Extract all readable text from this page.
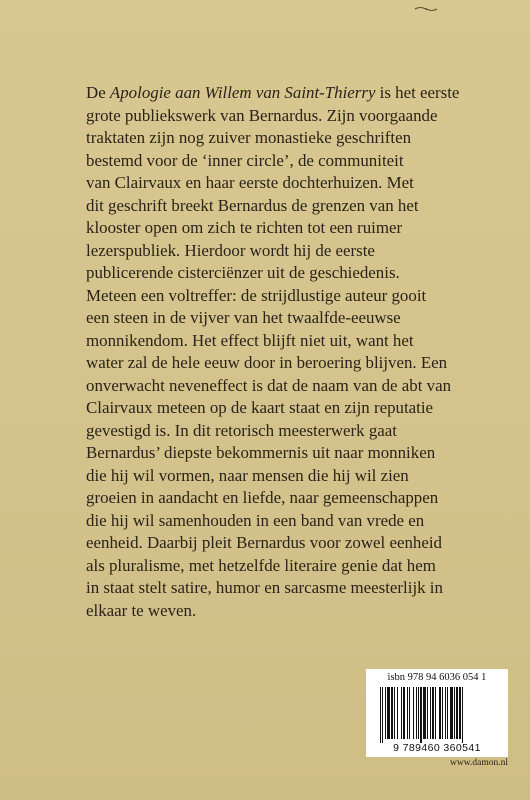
De Apologie aan Willem van Saint-Thierry is het eerste
grote publiekswerk van Bernardus. Zijn voorgaande
traktaten zijn nog zuiver monastieke geschriften
bestemd voor de ‘inner circle’, de communiteit
van Clairvaux en haar eerste dochterhuizen. Met
dit geschrift breekt Bernardus de grenzen van het
klooster open om zich te richten tot een ruimer
lezerspubliek. Hierdoor wordt hij de eerste
publicerende cisterciënzer uit de geschiedenis.
Meteen een voltreffer: de strijdlustige auteur gooit
een steen in de vijver van het twaalfde-eeuwse
monnikendom. Het effect blijft niet uit, want het
water zal de hele eeuw door in beroering blijven. Een
onverwacht neveneffect is dat de naam van de abt van
Clairvaux meteen op de kaart staat en zijn reputatie
gevestigd is. In dit retorisch meesterwerk gaat
Bernardus’ diepste bekommernis uit naar monniken
die hij wil vormen, naar mensen die hij wil zien
groeien in aandacht en liefde, naar gemeenschappen
die hij wil samenhouden in een band van vrede en
eenheid. Daarbij pleit Bernardus voor zowel eenheid
als pluralisme, met hetzelfde literaire genie dat hem
in staat stelt satire, humor en sarcasme meesterlijk in
elkaar te weven.

isbn 978 94 6036 054 1
9 789460 360541
www.damon.nl
